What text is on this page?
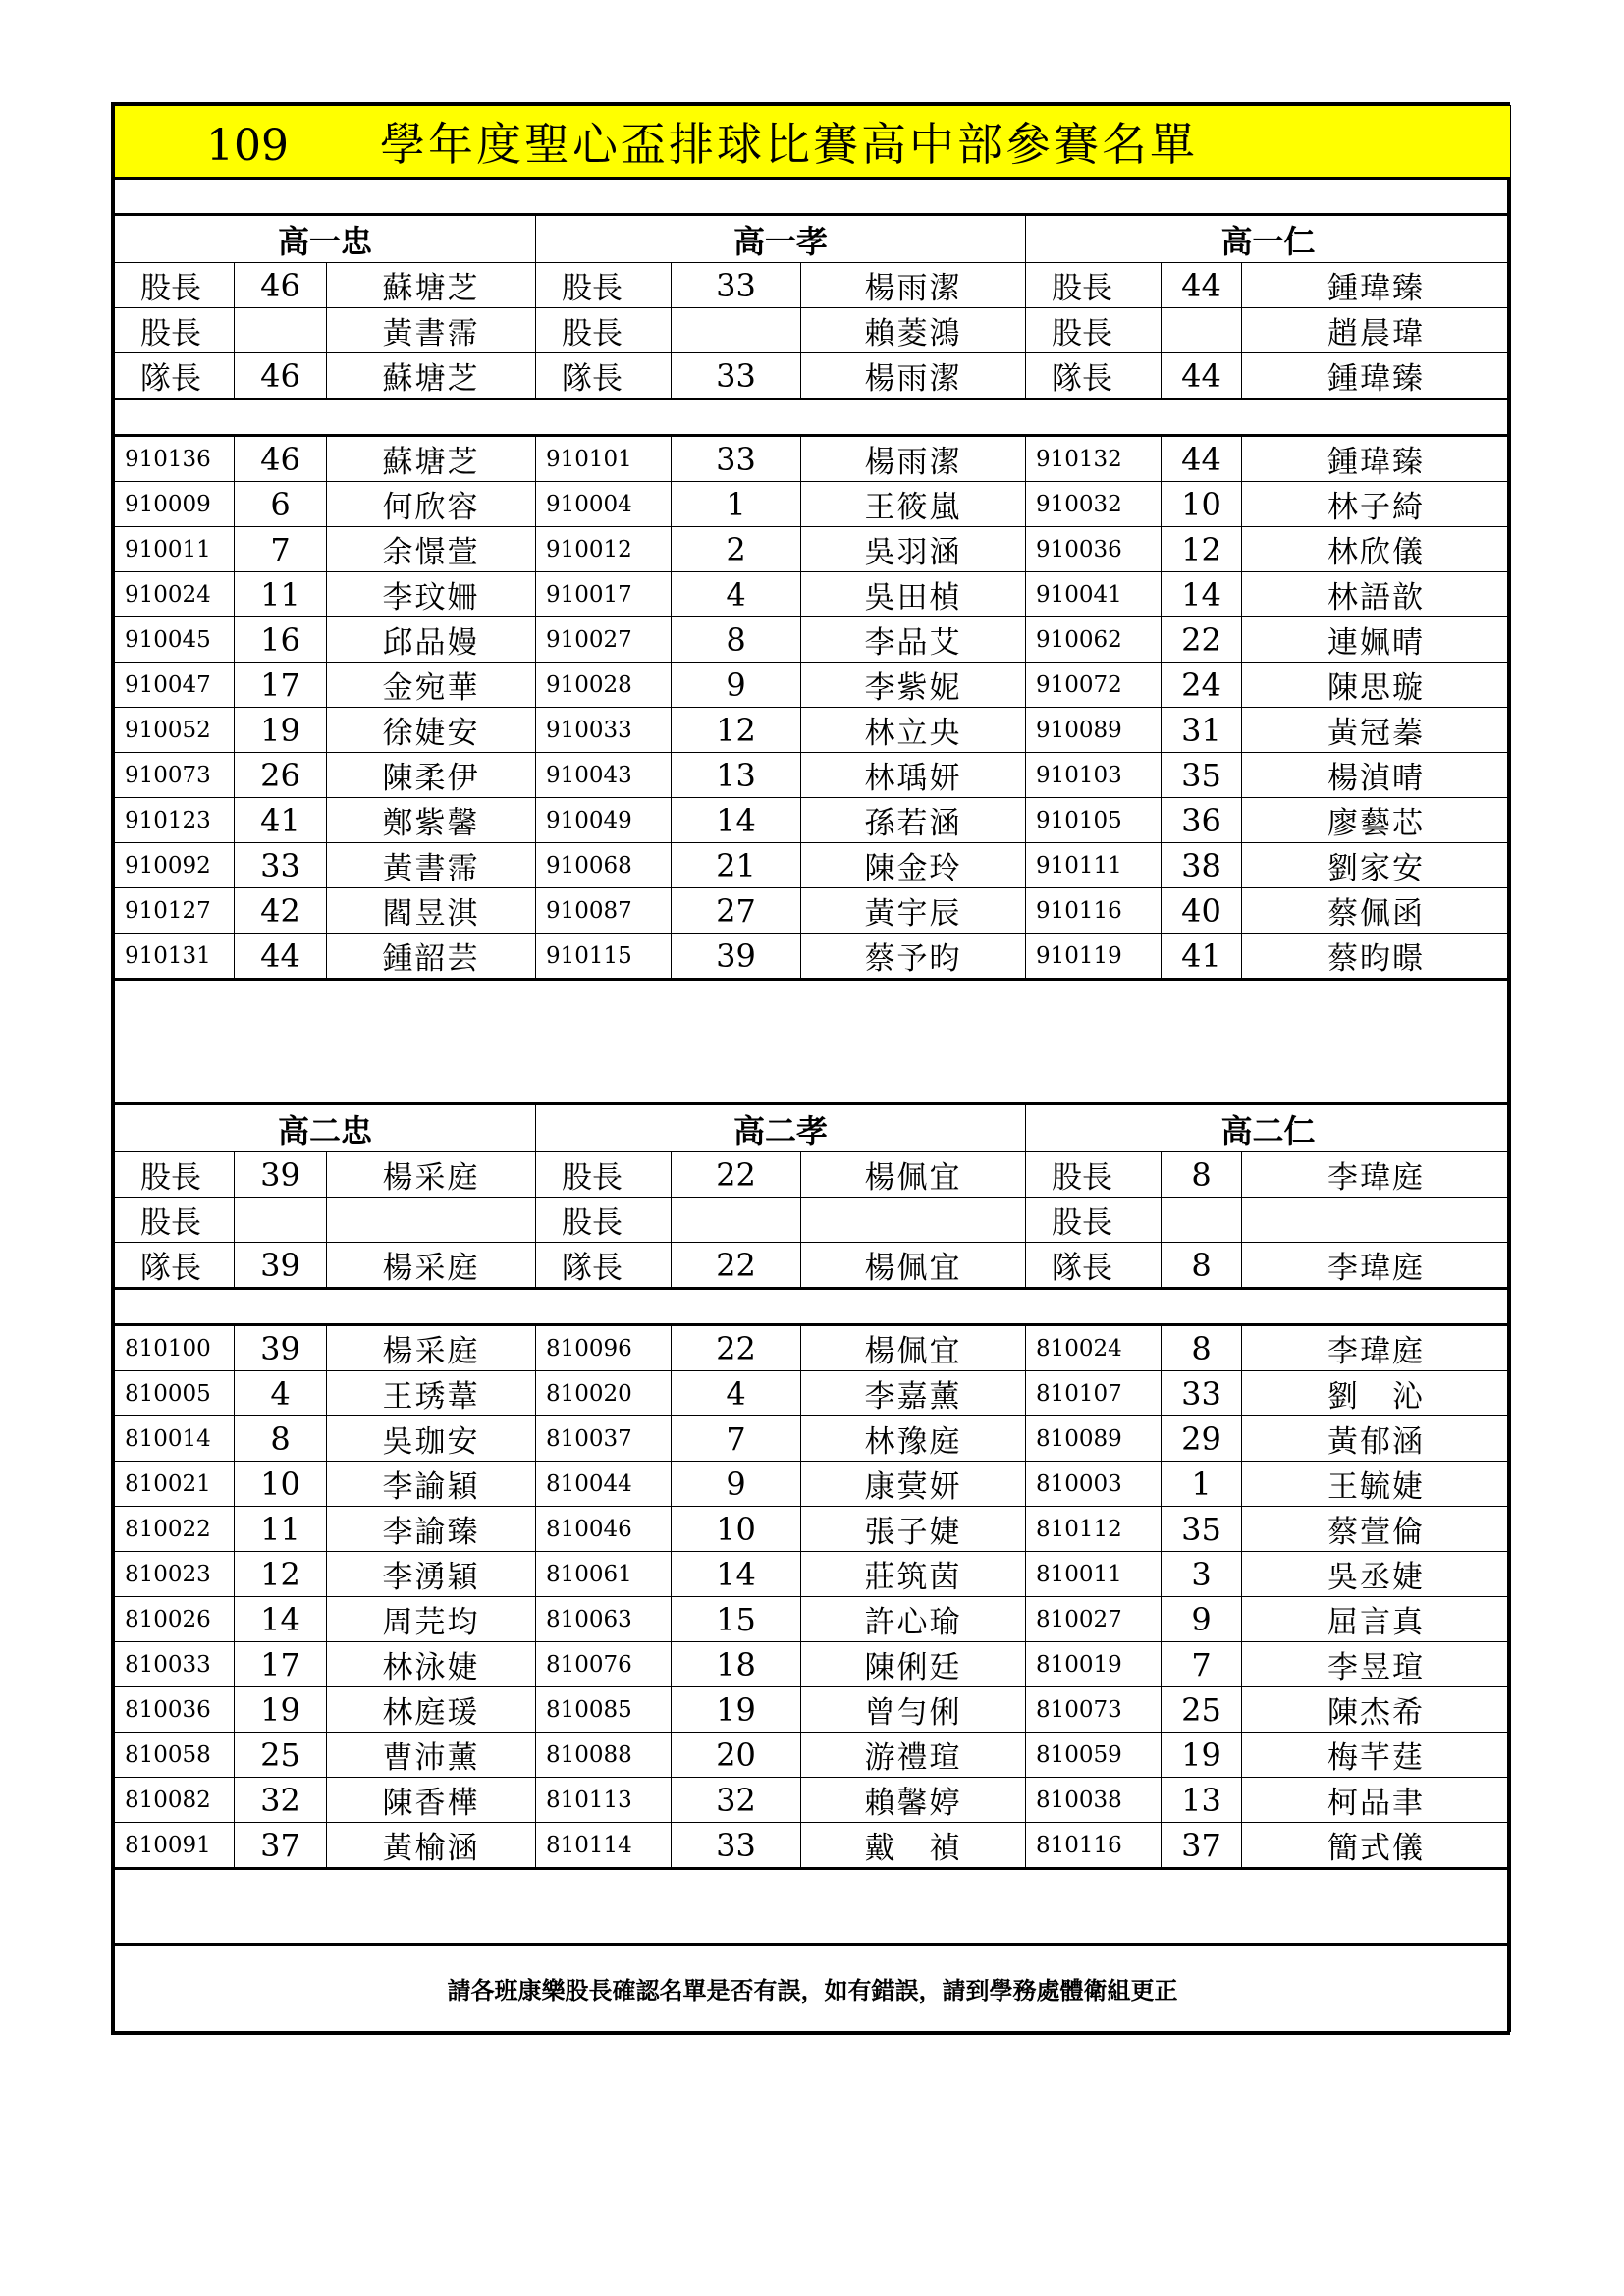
109 學年度聖心盃排球比賽高中部參賽名單								

高一忠			高一孝			高一仁		
股長	46	蘇塘芝	股長	33	楊雨潔	股長	44	鍾瑋臻
股長		黃書霈	股長		賴菱鴻	股長		趙晨瑋
隊長	46	蘇塘芝	隊長	33	楊雨潔	隊長	44	鍾瑋臻

910136	46	蘇塘芝	910101	33	楊雨潔	910132	44	鍾瑋臻
910009	6	何欣容	910004	1	王筱嵐	910032	10	林子綺
910011	7	余憬萱	910012	2	吳羽涵	910036	12	林欣儀
910024	11	李玟姍	910017	4	吳田楨	910041	14	林語歆
910045	16	邱品嫚	910027	8	李品艾	910062	22	連姵晴
910047	17	金宛華	910028	9	李紫妮	910072	24	陳思璇
910052	19	徐婕安	910033	12	林立央	910089	31	黃冠蓁
910073	26	陳柔伊	910043	13	林瑀妍	910103	35	楊湞晴
910123	41	鄭紫馨	910049	14	孫若涵	910105	36	廖藝芯
910092	33	黃書霈	910068	21	陳金玲	910111	38	劉家安
910127	42	閻昱淇	910087	27	黃宇辰	910116	40	蔡佩函
910131	44	鍾韶芸	910115	39	蔡予昀	910119	41	蔡昀暻

高二忠			高二孝			高二仁		
股長	39	楊采庭	股長	22	楊佩宜	股長	8	李瑋庭
股長			股長			股長		
隊長	39	楊采庭	隊長	22	楊佩宜	隊長	8	李瑋庭

810100	39	楊采庭	810096	22	楊佩宜	810024	8	李瑋庭
810005	4	王琇葦	810020	4	李嘉薰	810107	33	劉　沁
810014	8	吳珈安	810037	7	林豫庭	810089	29	黃郁涵
810021	10	李諭穎	810044	9	康蓂妍	810003	1	王毓婕
810022	11	李諭臻	810046	10	張子婕	810112	35	蔡萱倫
810023	12	李湧穎	810061	14	莊筑茵	810011	3	吳丞婕
810026	14	周芫均	810063	15	許心瑜	810027	9	屈言真
810033	17	林泳婕	810076	18	陳俐廷	810019	7	李昱瑄
810036	19	林庭瑗	810085	19	曾勻俐	810073	25	陳杰希
810058	25	曹沛薰	810088	20	游禮瑄	810059	19	梅芊莛
810082	32	陳香樺	810113	32	賴馨婷	810038	13	柯品聿
810091	37	黃榆涵	810114	33	戴　禎	810116	37	簡式儀

請各班康樂股長確認名單是否有誤，如有錯誤，請到學務處體衛組更正								
